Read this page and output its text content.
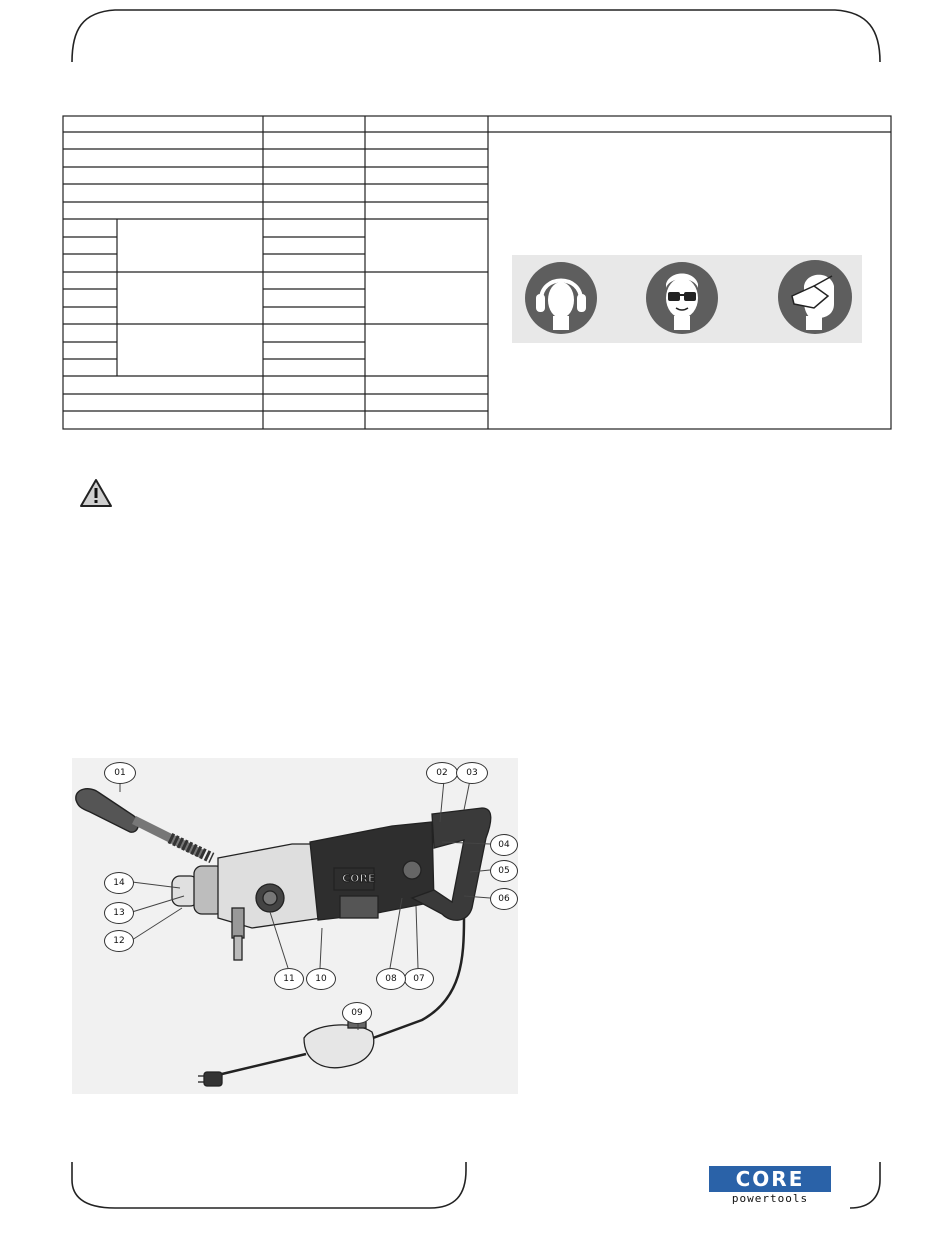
CORE
01	02	03
04
05
06
07
08
09
10
11
12
13
14
CORE
powertools
